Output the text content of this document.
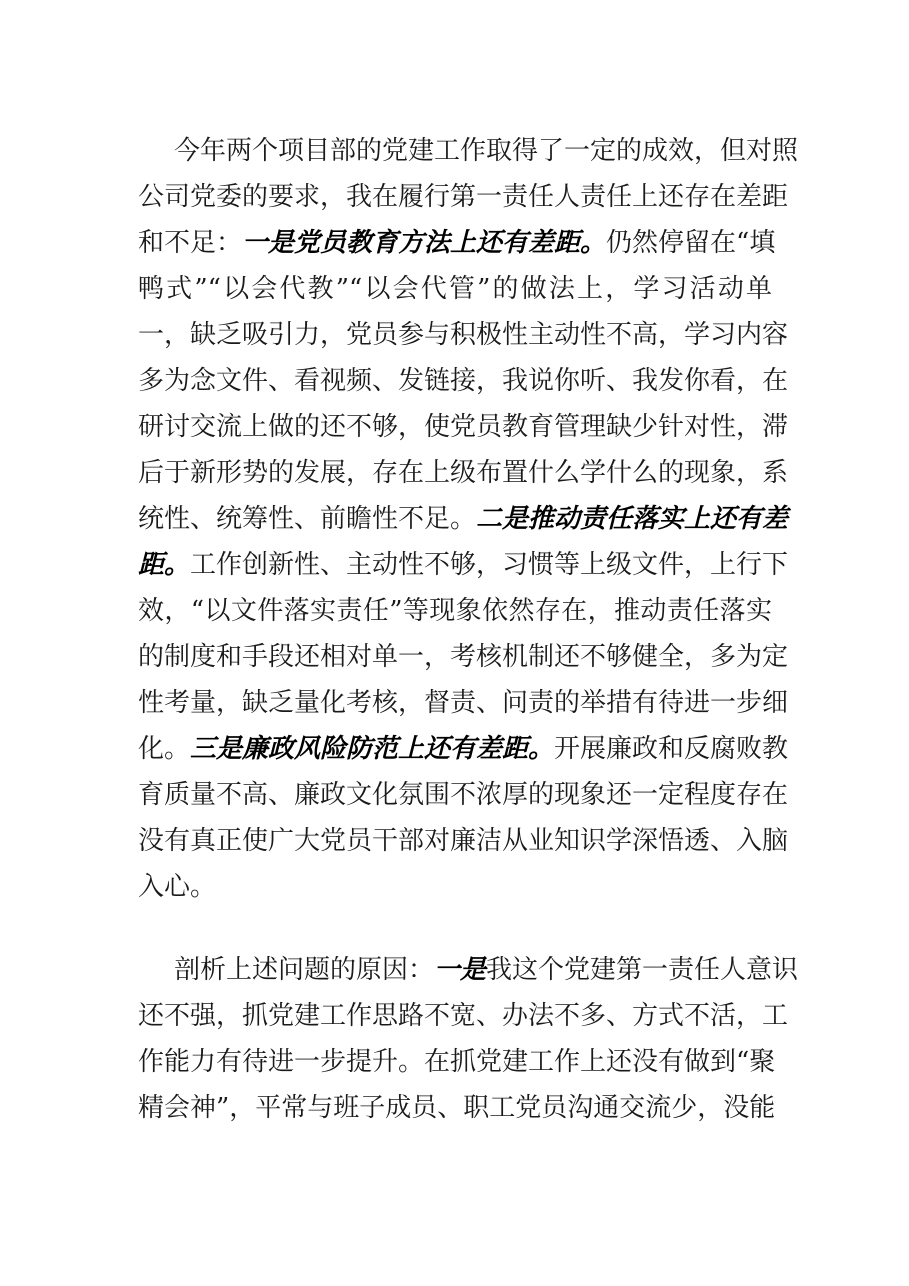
今年两个项目部的党建工作取得了一定的成效，但对照
公司党委的要求，我在履行第一责任人责任上还存在差距
和不足：一是党员教育方法上还有差距。仍然停留在“填
鸭式”“以会代教”“以会代管”的做法上，学习活动单
一，缺乏吸引力，党员参与积极性主动性不高，学习内容
多为念文件、看视频、发链接，我说你听、我发你看，在
研讨交流上做的还不够，使党员教育管理缺少针对性，滞
后于新形势的发展，存在上级布置什么学什么的现象，系
统性、统筹性、前瞻性不足。二是推动责任落实上还有差
距。工作创新性、主动性不够，习惯等上级文件，上行下
效，“以文件落实责任”等现象依然存在，推动责任落实
的制度和手段还相对单一，考核机制还不够健全，多为定
性考量，缺乏量化考核，督责、问责的举措有待进一步细
化。三是廉政风险防范上还有差距。开展廉政和反腐败教
育质量不高、廉政文化氛围不浓厚的现象还一定程度存在
没有真正使广大党员干部对廉洁从业知识学深悟透、入脑
入心。
剖析上述问题的原因：一是我这个党建第一责任人意识
还不强，抓党建工作思路不宽、办法不多、方式不活，工
作能力有待进一步提升。在抓党建工作上还没有做到“聚
精会神”，平常与班子成员、职工党员沟通交流少，没能
